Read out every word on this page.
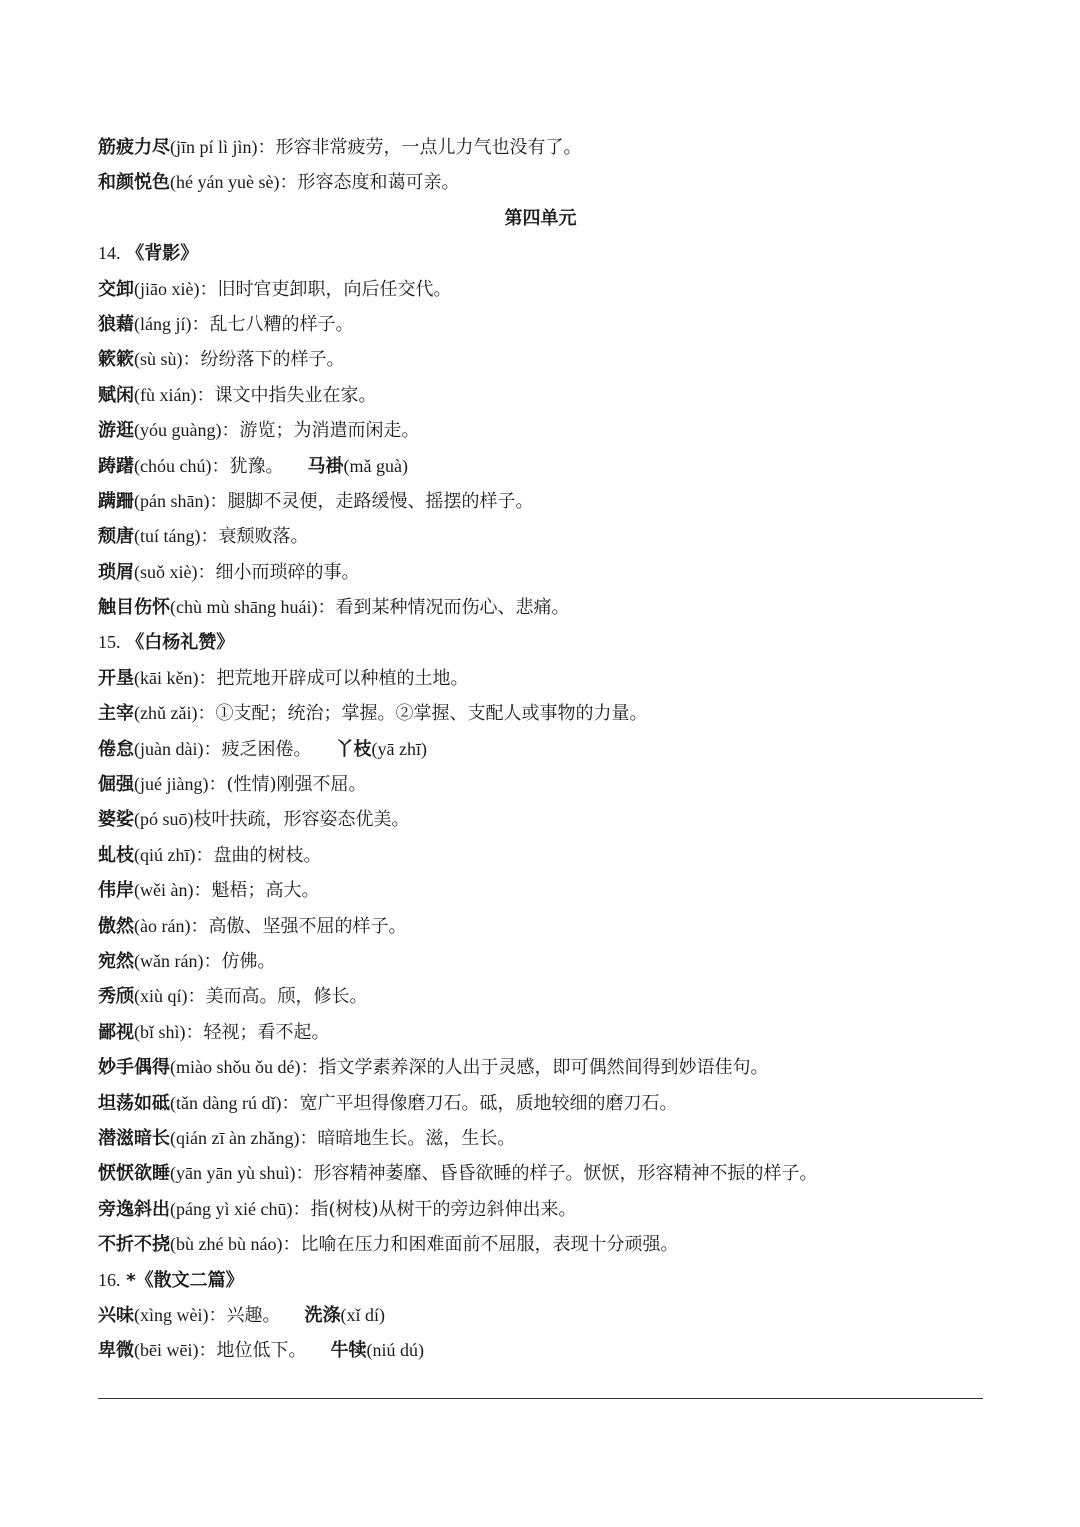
筋疲力尽(jīn pí lì jìn)：形容非常疲劳，一点儿力气也没有了。
和颜悦色(hé yán yuè sè)：形容态度和蔼可亲。
第四单元
14. 《背影》
交卸(jiāo xiè)：旧时官吏卸职，向后任交代。
狼藉(láng jí)：乱七八糟的样子。
簌簌(sù sù)：纷纷落下的样子。
赋闲(fù xián)：课文中指失业在家。
游逛(yóu guàng)：游览；为消遣而闲走。
踌躇(chóu chú)：犹豫。 马褂(mǎ guà)
蹒跚(pán shān)：腿脚不灵便，走路缓慢、摇摆的样子。
颓唐(tuí táng)：衰颓败落。
琐屑(suǒ xiè)：细小而琐碎的事。
触目伤怀(chù mù shāng huái)：看到某种情况而伤心、悲痛。
15. 《白杨礼赞》
开垦(kāi kěn)：把荒地开辟成可以种植的土地。
主宰(zhǔ zǎi)：①支配；统治；掌握。②掌握、支配人或事物的力量。
倦怠(juàn dài)：疲乏困倦。 丫枝(yā zhī)
倔强(jué jiàng)：(性情)刚强不屈。
婆娑(pó suō)枝叶扶疏，形容姿态优美。
虬枝(qiú zhī)：盘曲的树枝。
伟岸(wěi àn)：魁梧；高大。
傲然(ào rán)：高傲、坚强不屈的样子。
宛然(wǎn rán)：仿佛。
秀颀(xiù qí)：美而高。颀，修长。
鄙视(bǐ shì)：轻视；看不起。
妙手偶得(miào shǒu ǒu dé)：指文学素养深的人出于灵感，即可偶然间得到妙语佳句。
坦荡如砥(tǎn dàng rú dǐ)：宽广平坦得像磨刀石。砥，质地较细的磨刀石。
潜滋暗长(qián zī àn zhǎng)：暗暗地生长。滋，生长。
恹恹欲睡(yān yān yù shuì)：形容精神萎靡、昏昏欲睡的样子。恹恹，形容精神不振的样子。
旁逸斜出(páng yì xié chū)：指(树枝)从树干的旁边斜伸出来。
不折不挠(bù zhé bù náo)：比喻在压力和困难面前不屈服，表现十分顽强。
16. *《散文二篇》
兴味(xìng wèi)：兴趣。 洗涤(xǐ dí)
卑微(bēi wēi)：地位低下。 牛犊(niú dú)
